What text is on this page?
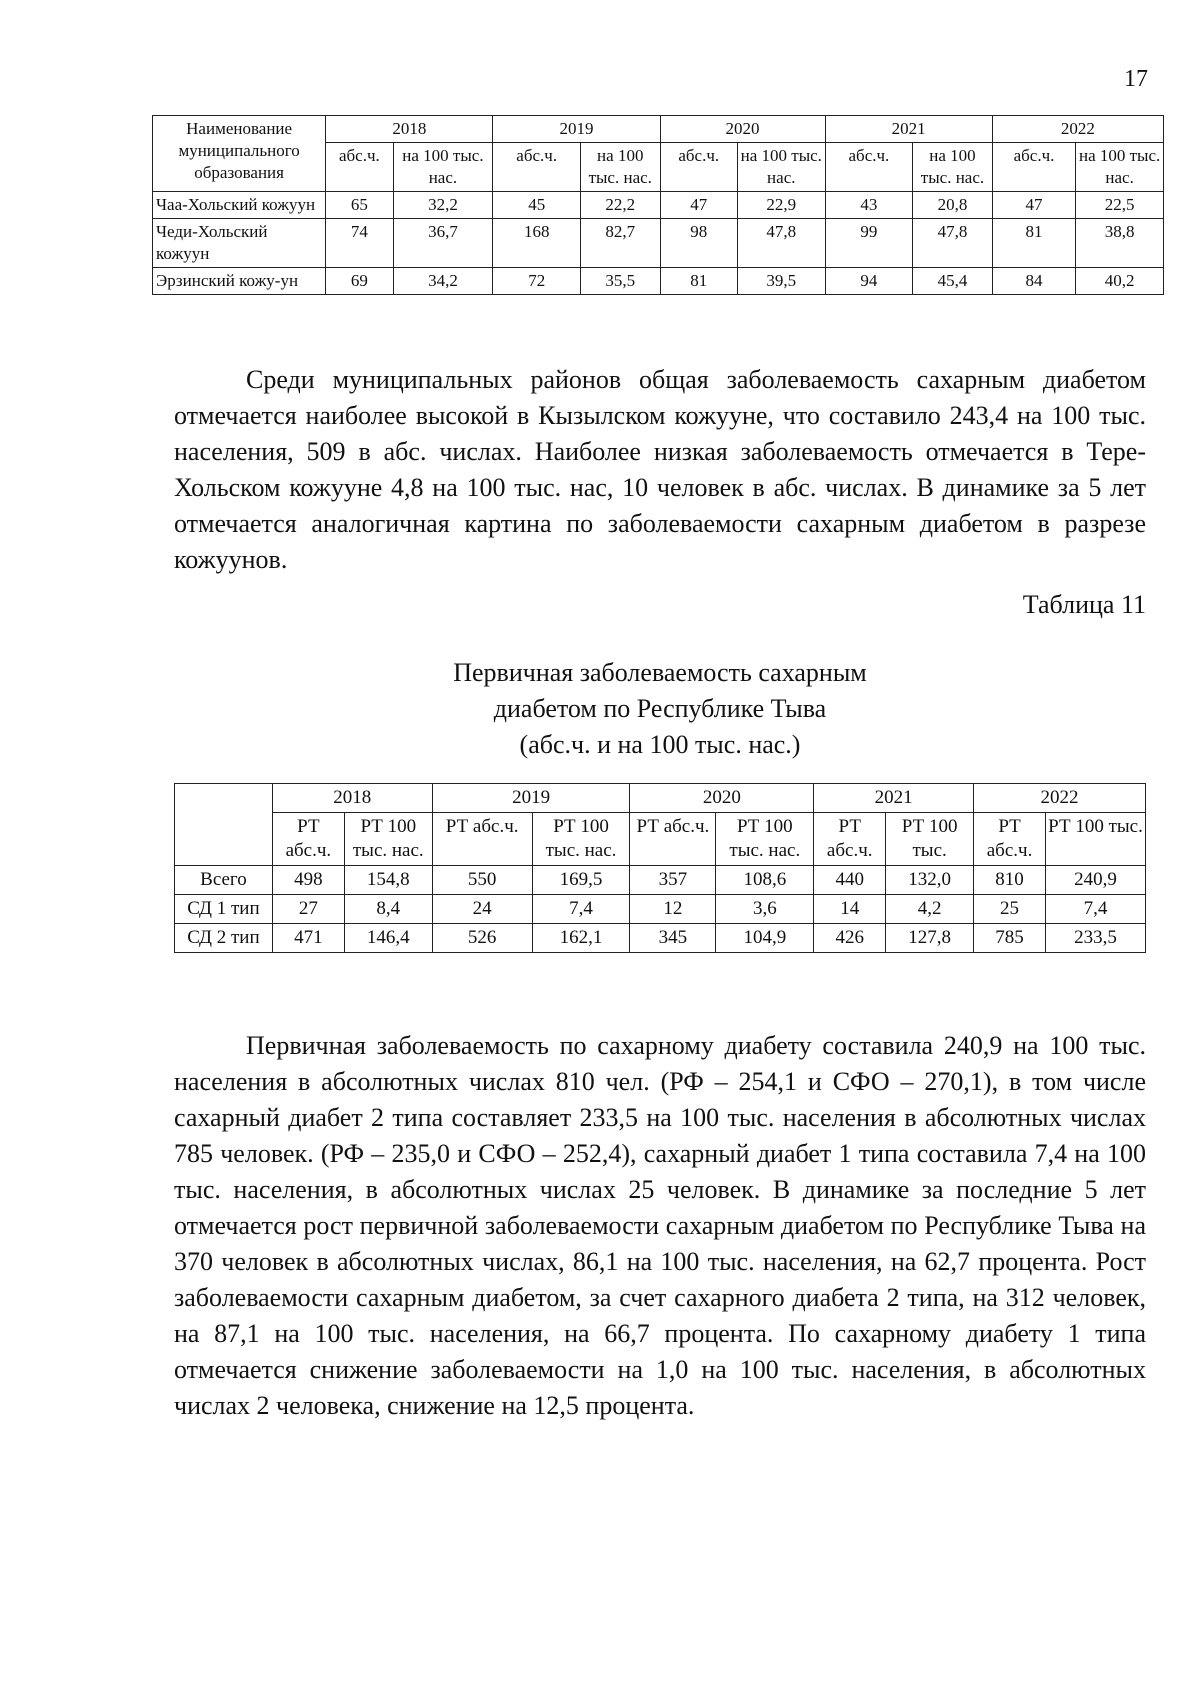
17
Наименование муниципального образования	2018		2019		2020		2021		2022	
	абс.ч.	на 100 тыс. нас.	абс.ч.	на 100 тыс. нас.	абс.ч.	на 100 тыс. нас.	абс.ч.	на 100 тыс. нас.	абс.ч.	на 100 тыс. нас.
Чаа-Хольский кожуун	65	32,2	45	22,2	47	22,9	43	20,8	47	22,5
Чеди-Хольский кожуун	74	36,7	168	82,7	98	47,8	99	47,8	81	38,8
Эрзинский кожу-ун	69	34,2	72	35,5	81	39,5	94	45,4	84	40,2

Среди муниципальных районов общая заболеваемость сахарным диабетом отмечается наиболее высокой в Кызылском кожууне, что составило 243,4 на 100 тыс. населения, 509 в абс. числах. Наиболее низкая заболеваемость отмечается в Тере-Хольском кожууне 4,8 на 100 тыс. нас, 10 человек в абс. числах. В динамике за 5 лет отмечается аналогичная картина по заболеваемости сахарным диабетом в разрезе кожуунов.

Таблица 11
Первичная заболеваемость сахарным
диабетом по Республике Тыва
(абс.ч. и на 100 тыс. нас.)
	2018		2019		2020		2021		2022	
	РТ абс.ч.	РТ 100 тыс. нас.	РТ абс.ч.	РТ 100 тыс. нас.	РТ абс.ч.	РТ 100 тыс. нас.	РТ абс.ч.	РТ 100 тыс.	РТ абс.ч.	РТ 100 тыс.
Всего	498	154,8	550	169,5	357	108,6	440	132,0	810	240,9
СД 1 тип	27	8,4	24	7,4	12	3,6	14	4,2	25	7,4
СД 2 тип	471	146,4	526	162,1	345	104,9	426	127,8	785	233,5

Первичная заболеваемость по сахарному диабету составила 240,9 на 100 тыс. населения в абсолютных числах 810 чел. (РФ – 254,1 и СФО – 270,1), в том числе сахарный диабет 2 типа составляет 233,5 на 100 тыс. населения в абсолютных числах 785 человек. (РФ – 235,0 и СФО – 252,4), сахарный диабет 1 типа составила 7,4 на 100 тыс. населения, в абсолютных числах 25 человек. В динамике за последние 5 лет отмечается рост первичной заболеваемости сахарным диабетом по Республике Тыва на 370 человек в абсолютных числах, 86,1 на 100 тыс. населения, на 62,7 процента. Рост заболеваемости сахарным диабетом, за счет сахарного диабета 2 типа, на 312 человек, на 87,1 на 100 тыс. населения, на 66,7 процента. По сахарному диабету 1 типа отмечается снижение заболеваемости на 1,0 на 100 тыс. населения, в абсолютных числах 2 человека, снижение на 12,5 процента.
